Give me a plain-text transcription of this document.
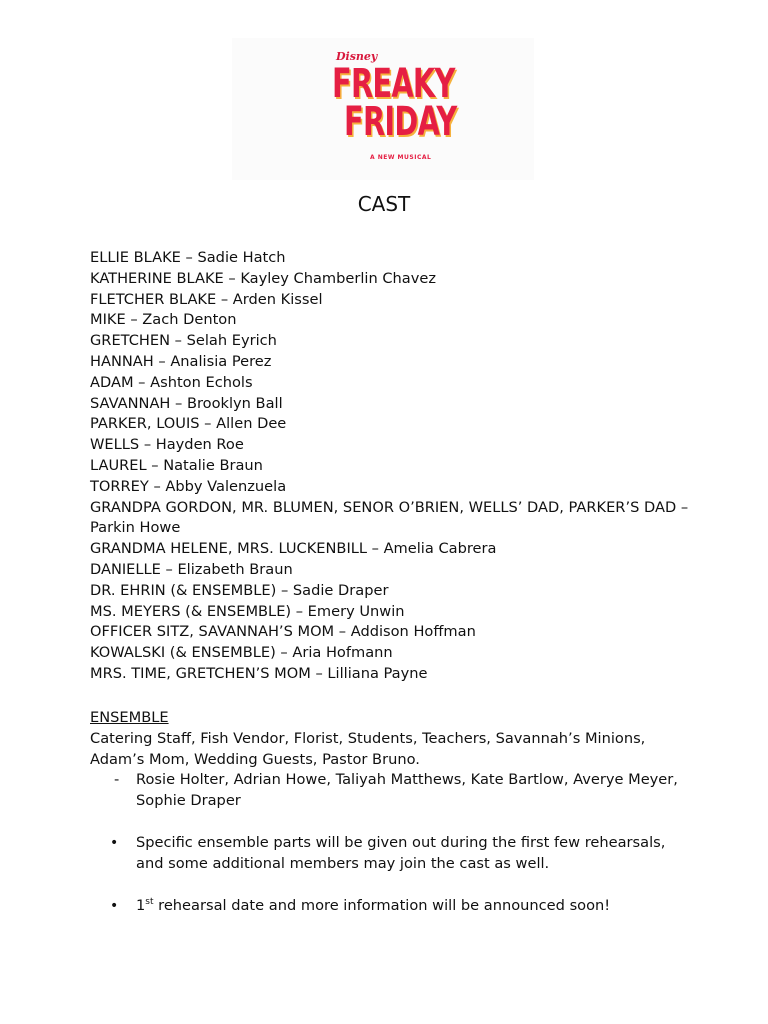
Disney
FREAKY
FRIDAY
A NEW MUSICAL
CAST
ELLIE BLAKE – Sadie Hatch
KATHERINE BLAKE – Kayley Chamberlin Chavez
FLETCHER BLAKE – Arden Kissel
MIKE – Zach Denton
GRETCHEN – Selah Eyrich
HANNAH – Analisia Perez
ADAM – Ashton Echols
SAVANNAH – Brooklyn Ball
PARKER, LOUIS – Allen Dee
WELLS – Hayden Roe
LAUREL – Natalie Braun
TORREY – Abby Valenzuela
GRANDPA GORDON, MR. BLUMEN, SENOR O’BRIEN, WELLS’ DAD, PARKER’S DAD – Parkin Howe
GRANDMA HELENE, MRS. LUCKENBILL – Amelia Cabrera
DANIELLE – Elizabeth Braun
DR. EHRIN (& ENSEMBLE) – Sadie Draper
MS. MEYERS (& ENSEMBLE) – Emery Unwin
OFFICER SITZ, SAVANNAH’S MOM – Addison Hoffman
KOWALSKI (& ENSEMBLE) – Aria Hofmann
MRS. TIME, GRETCHEN’S MOM – Lilliana Payne
ENSEMBLE
Catering Staff, Fish Vendor, Florist, Students, Teachers, Savannah’s Minions, Adam’s Mom, Wedding Guests, Pastor Bruno.
- Rosie Holter, Adrian Howe, Taliyah Matthews, Kate Bartlow, Averye Meyer, Sophie Draper
• Specific ensemble parts will be given out during the first few rehearsals, and some additional members may join the cast as well.
• 1st rehearsal date and more information will be announced soon!
